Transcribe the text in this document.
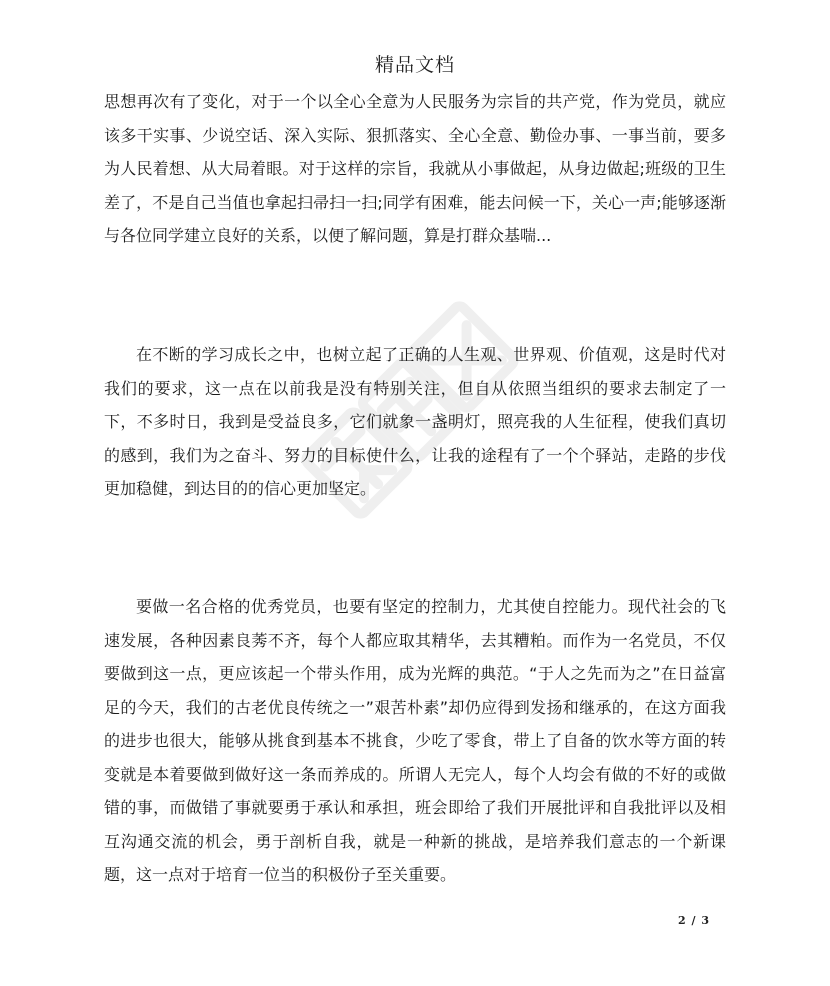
精品文档

思想再次有了变化，对于一个以全心全意为人民服务为宗旨的共产党，作为党员，就应该多干实事、少说空话、深入实际、狠抓落实、全心全意、勤俭办事、一事当前，要多为人民着想、从大局着眼。对于这样的宗旨，我就从小事做起，从身边做起;班级的卫生差了，不是自己当值也拿起扫帚扫一扫;同学有困难，能去问候一下，关心一声;能够逐渐与各位同学建立良好的关系，以便了解问题，算是打群众基喘...

在不断的学习成长之中，也树立起了正确的人生观、世界观、价值观，这是时代对我们的要求，这一点在以前我是没有特别关注，但自从依照当组织的要求去制定了一下，不多时日，我到是受益良多，它们就象一盏明灯，照亮我的人生征程，使我们真切的感到，我们为之奋斗、努力的目标使什么，让我的途程有了一个个驿站，走路的步伐更加稳健，到达目的的信心更加坚定。

要做一名合格的优秀党员，也要有坚定的控制力，尤其使自控能力。现代社会的飞速发展，各种因素良莠不齐，每个人都应取其精华，去其糟粕。而作为一名党员，不仅要做到这一点，更应该起一个带头作用，成为光辉的典范。“于人之先而为之”在日益富足的今天，我们的古老优良传统之一”艰苦朴素”却仍应得到发扬和继承的，在这方面我的进步也很大，能够从挑食到基本不挑食，少吃了零食，带上了自备的饮水等方面的转变就是本着要做到做好这一条而养成的。所谓人无完人，每个人均会有做的不好的或做错的事，而做错了事就要勇于承认和承担，班会即给了我们开展批评和自我批评以及相互沟通交流的机会，勇于剖析自我，就是一种新的挑战，是培养我们意志的一个新课题，这一点对于培育一位当的积极份子至关重要。

2 / 3
